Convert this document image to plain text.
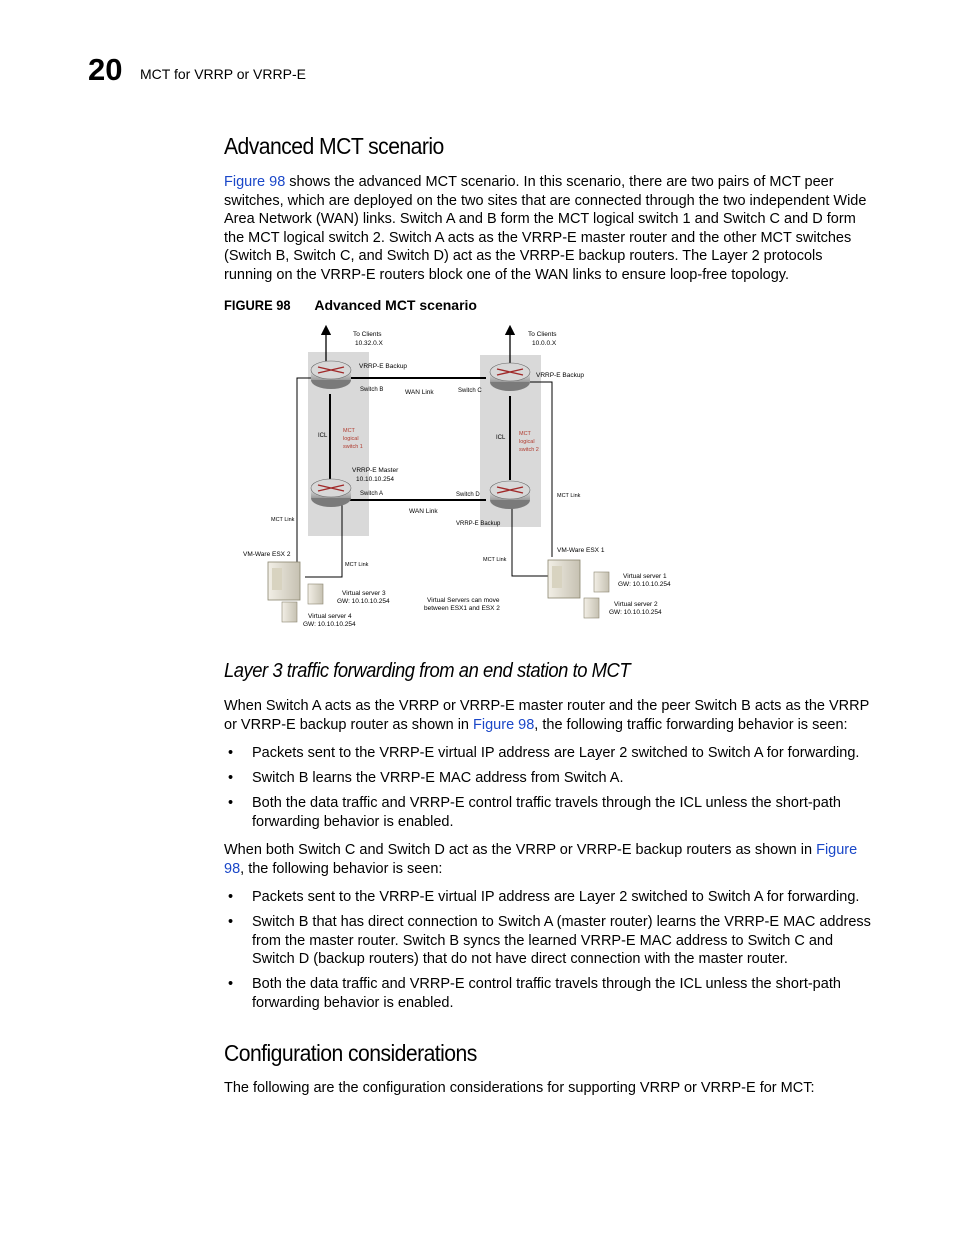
20 MCT for VRRP or VRRP-E
Advanced MCT scenario

Figure 98 shows the advanced MCT scenario. In this scenario, there are two pairs of MCT peer switches, which are deployed on the two sites that are connected through the two independent Wide Area Network (WAN) links. Switch A and B form the MCT logical switch 1 and Switch C and D form the MCT logical switch 2. Switch A acts as the VRRP-E master router and the other MCT switches (Switch B, Switch C, and Switch D) act as the VRRP-E backup routers. The Layer 2 protocols running on the VRRP-E routers block one of the WAN links to ensure loop-free topology.

FIGURE 98 Advanced MCT scenario
To Clients
10.32.0.X
To Clients
10.0.0.X
VRRP-E Backup
Switch B	WAN Link	Switch C
VRRP-E Backup
ICL	ICL
VRRP-E Master
10.10.10.254
Switch A	Switch D
VRRP-E Backup
WAN Link
MCT Link
MCT Link
MCT Link
MCT Link
VM-Ware ESX 2
VM-Ware ESX 1
Virtual server 3
GW: 10.10.10.254
Virtual server 4
GW: 10.10.10.254
Virtual server 1
GW: 10.10.10.254
Virtual server 2
GW: 10.10.10.254
Virtual Servers can move
between ESX1 and ESX 2
MCT
logical
switch 1
MCT
logical
switch 2
Layer 3 traffic forwarding from an end station to MCT

When Switch A acts as the VRRP or VRRP-E master router and the peer Switch B acts as the VRRP or VRRP-E backup router as shown in Figure 98, the following traffic forwarding behavior is seen:

• Packets sent to the VRRP-E virtual IP address are Layer 2 switched to Switch A for forwarding.
• Switch B learns the VRRP-E MAC address from Switch A.
• Both the data traffic and VRRP-E control traffic travels through the ICL unless the short-path forwarding behavior is enabled.

When both Switch C and Switch D act as the VRRP or VRRP-E backup routers as shown in Figure 98, the following behavior is seen:

• Packets sent to the VRRP-E virtual IP address are Layer 2 switched to Switch A for forwarding.
• Switch B that has direct connection to Switch A (master router) learns the VRRP-E MAC address from the master router. Switch B syncs the learned VRRP-E MAC address to Switch C and Switch D (backup routers) that do not have direct connection with the master router.
• Both the data traffic and VRRP-E control traffic travels through the ICL unless the short-path forwarding behavior is enabled.
Configuration considerations

The following are the configuration considerations for supporting VRRP or VRRP-E for MCT:
